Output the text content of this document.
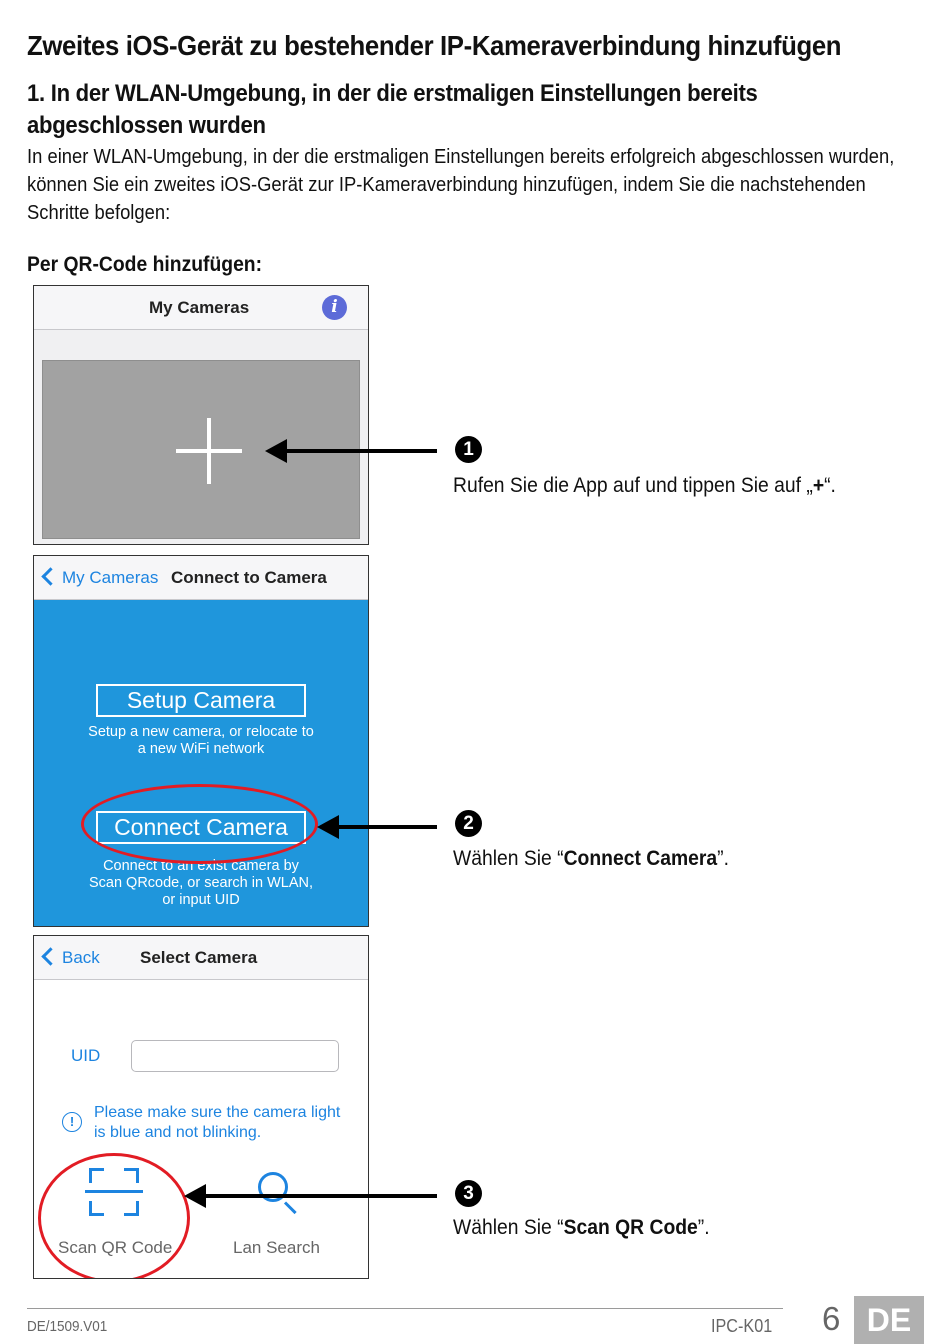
Zweites iOS-Gerät zu bestehender IP-Kameraverbindung hinzufügen
1. In der WLAN-Umgebung, in der die erstmaligen Einstellungen bereits abgeschlossen wurden
In einer WLAN-Umgebung, in der die erstmaligen Einstellungen bereits erfolgreich abgeschlossen wurden, können Sie ein zweites iOS-Gerät zur IP-Kameraverbindung hinzufügen, indem Sie die nachstehenden Schritte befolgen:
Per QR-Code hinzufügen:
My Cameras	i
My Cameras Connect to Camera
Setup Camera
Setup a new camera, or relocate to a new WiFi network
Connect Camera
Connect to an exist camera by Scan QRcode, or search in WLAN, or input UID
Back Select Camera
UID
!
Please make sure the camera light is blue and not blinking.
Scan QR Code	Lan Search
1
Rufen Sie die App auf und tippen Sie auf „+“.
2
Wählen Sie “Connect Camera”.
3
Wählen Sie “Scan QR Code”.
DE/1509.V01	IPC-K01 6 DE
